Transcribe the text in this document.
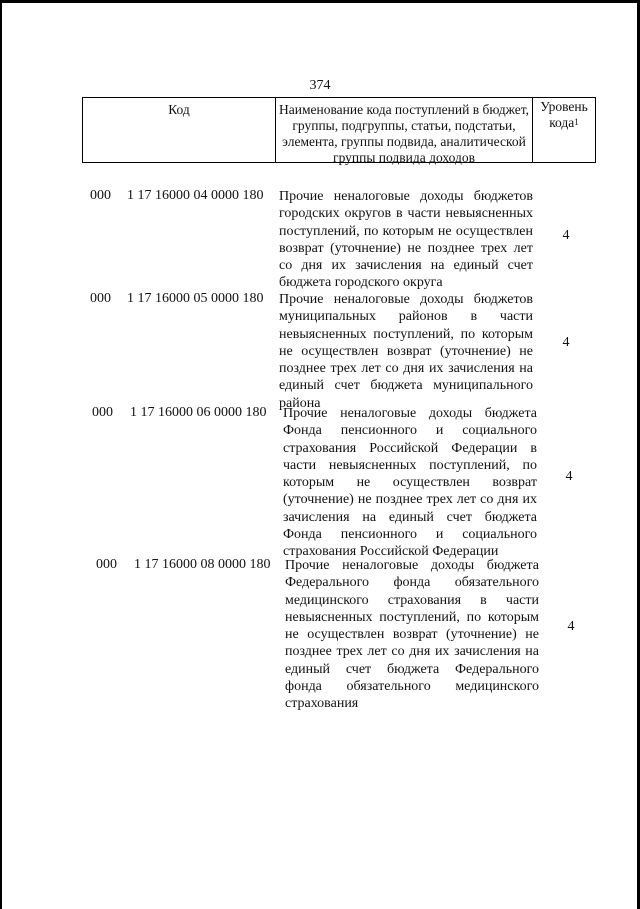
374
Код	Наименование кода поступлений в бюджет, группы, подгруппы, статьи, подстатьи, элемента, группы подвида, аналитической группы подвида доходов
Уровень кода$^1$
000 1 17 16000 04 0000 180 Прочие неналоговые доходы бюджетов городских округов в части невыясненных поступлений, по которым не осуществлен возврат (уточнение) не позднее трех лет со дня их зачисления на единый счет бюджета городского округа
4
000 1 17 16000 05 0000 180 Прочие неналоговые доходы бюджетов муниципальных районов в части невыясненных поступлений, по которым не осуществлен возврат (уточнение) не позднее трех лет со дня их зачисления на единый счет бюджета муниципального района
4
000 1 17 16000 06 0000 180 Прочие неналоговые доходы бюджета Фонда пенсионного и социального страхования Российской Федерации в части невыясненных поступлений, по которым не осуществлен возврат (уточнение) не позднее трех лет со дня их зачисления на единый счет бюджета Фонда пенсионного и социального страхования Российской Федерации
4
000 1 17 16000 08 0000 180 Прочие неналоговые доходы бюджета Федерального фонда обязательного медицинского страхования в части невыясненных поступлений, по которым не осуществлен возврат (уточнение) не позднее трех лет со дня их зачисления на единый счет бюджета Федерального фонда обязательного медицинского страхования
4
